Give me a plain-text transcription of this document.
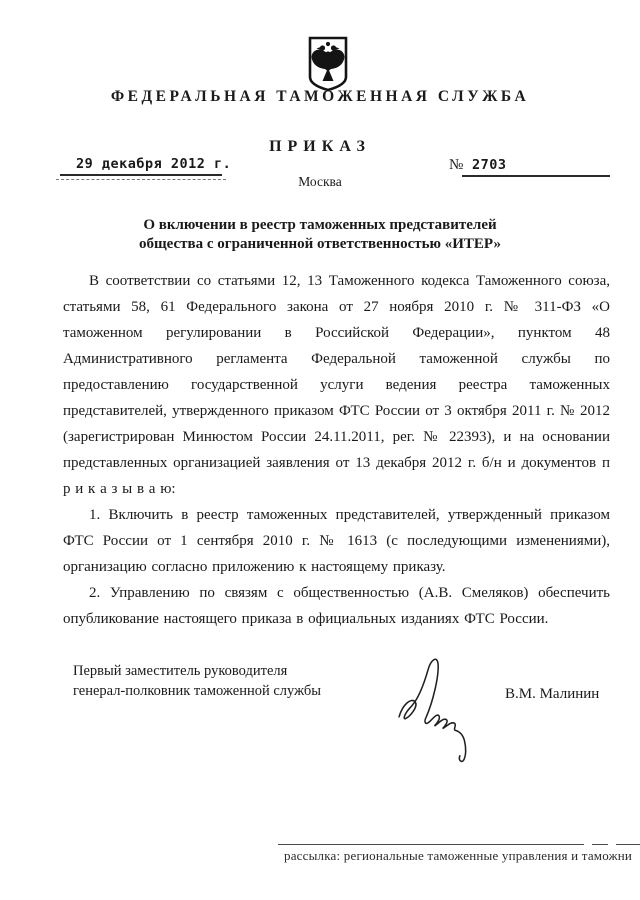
ФЕДЕРАЛЬНАЯ ТАМОЖЕННАЯ СЛУЖБА
ПРИКАЗ
29 декабря 2012 г.	№ 2703
Москва
О включении в реестр таможенных представителей
общества с ограниченной ответственностью «ИТЕР»

В соответствии со статьями 12, 13 Таможенного кодекса Таможенного союза, статьями 58, 61 Федерального закона от 27 ноября 2010 г. № 311-ФЗ «О таможенном регулировании в Российской Федерации», пунктом 48 Административного регламента Федеральной таможенной службы по предоставлению государственной услуги ведения реестра таможенных представителей, утвержденного приказом ФТС России от 3 октября 2011 г. № 2012 (зарегистрирован Минюстом России 24.11.2011, рег. № 22393), и на основании представленных организацией заявления от 13 декабря 2012 г. б/н и документов п р и к а з ы в а ю:

1. Включить в реестр таможенных представителей, утвержденный приказом ФТС России от 1 сентября 2010 г. № 1613 (с последующими изменениями), организацию согласно приложению к настоящему приказу.

2. Управлению по связям с общественностью (А.В. Смеляков) обеспечить опубликование настоящего приказа в официальных изданиях ФТС России.

Первый заместитель руководителя
генерал-полковник таможенной службы	В.М. Малинин
рассылка: региональные таможенные управления и таможни
